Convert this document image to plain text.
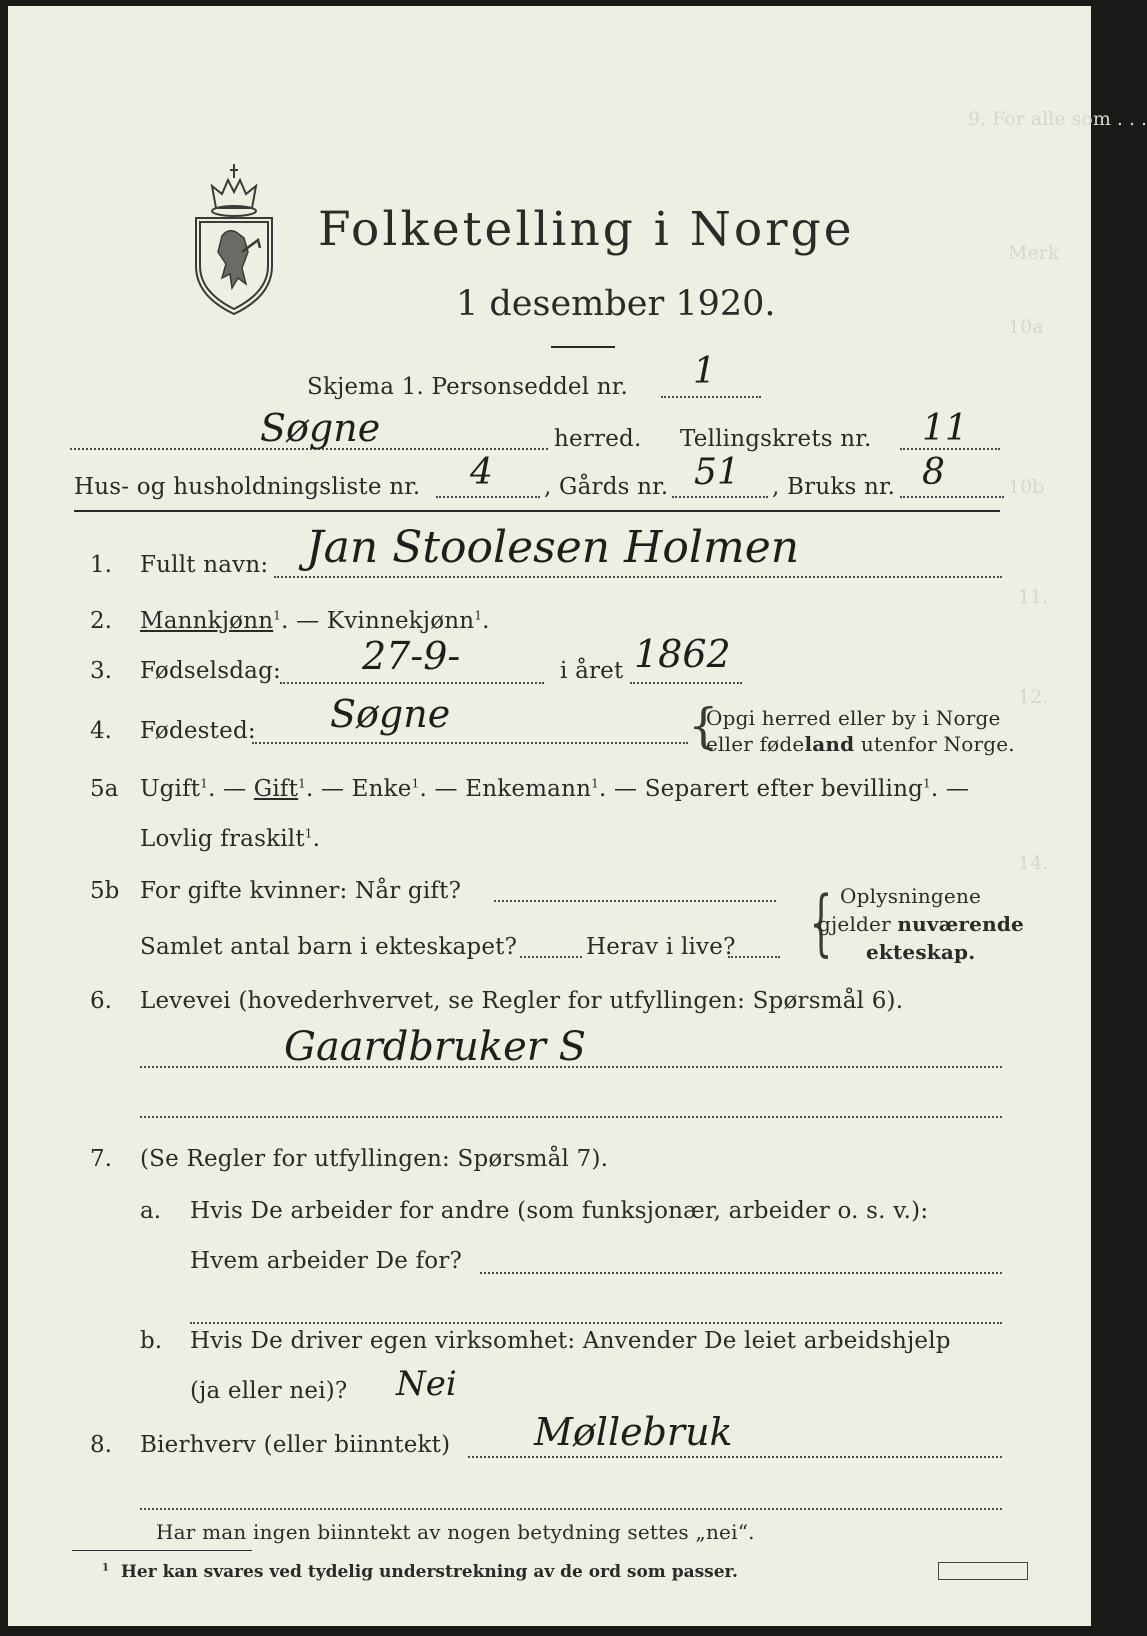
9. For alle som . . .
Merk
10a
10b
11.
12.
14.
Folketelling i Norge
1 desember 1920.
Skjema 1. Personseddel nr. 1
Søgne	herred. Tellingskrets nr. 11
Hus- og husholdningsliste nr. 4 , Gårds nr. 51 , Bruks nr. 8
1. Fullt navn: Jan Stoolesen Holmen
2. Mannkjønn$^1$. — Kvinnekjønn$^1$.
3. Fødselsdag: 27-9-	i året 1862
4. Fødested: Søgne	{
Opgi herred eller by i Norge
eller fødeland utenfor Norge.
5a Ugift$^1$. — Gift$^1$. — Enke$^1$. — Enkemann$^1$. — Separert efter bevilling$^1$. —
Lovlig fraskilt$^1$.
5b For gifte kvinner: Når gift?
Samlet antal barn i ekteskapet?	Herav i live? { Oplysningene
gjelder nuværende
ekteskap.
6. Levevei (hovederhvervet, se Regler for utfyllingen: Spørsmål 6).
Gaardbruker S
7. (Se Regler for utfyllingen: Spørsmål 7).
a. Hvis De arbeider for andre (som funksjonær, arbeider o. s. v.):
Hvem arbeider De for?
b. Hvis De driver egen virksomhet: Anvender De leiet arbeidshjelp
(ja eller nei)? Nei
8. Bierhverv (eller biinntekt) Møllebruk
Har man ingen biinntekt av nogen betydning settes „nei“.
$^1$ Her kan svares ved tydelig understrekning av de ord som passer.
